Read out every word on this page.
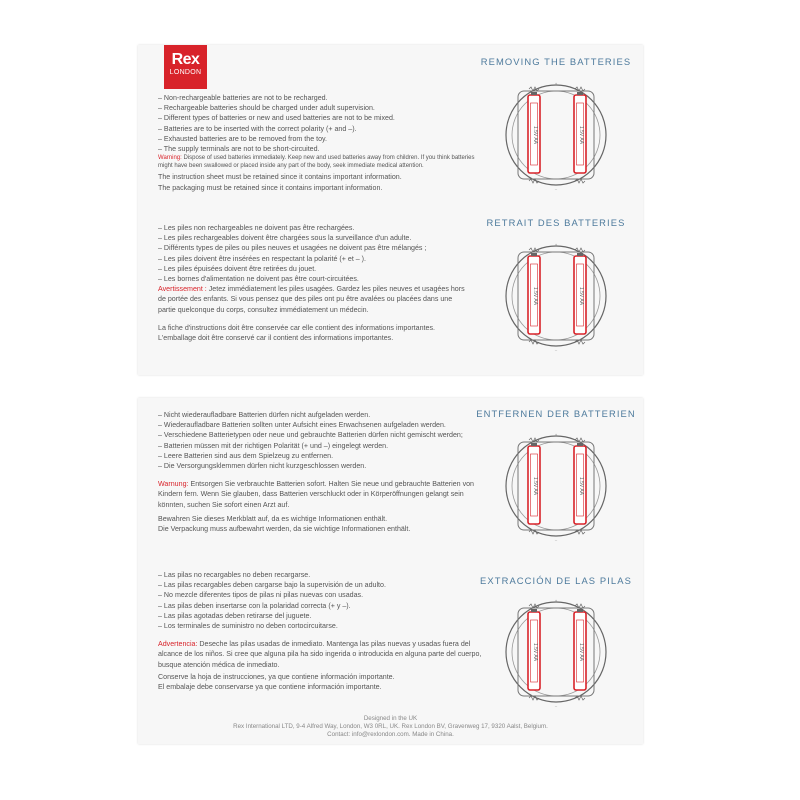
Rex
LONDON

– Non-rechargeable batteries are not to be recharged.

– Rechargeable batteries should be charged under adult supervision.

– Different types of batteries or new and used batteries are not to be mixed.

– Batteries are to be inserted with the correct polarity (+ and –).

– Exhausted batteries are to be removed from the toy.

– The supply terminals are not to be short-circuited.

Warning: Dispose of used batteries immediately. Keep new and used batteries away from children. If you think batteries might have been swallowed or placed inside any part of the body, seek immediate medical attention.

The instruction sheet must be retained since it contains important information.

The packaging must be retained since it contains important information.

– Les piles non rechargeables ne doivent pas être rechargées.

– Les piles rechargeables doivent être chargées sous la surveillance d'un adulte.

– Différents types de piles ou piles neuves et usagées ne doivent pas être mélangés ;

– Les piles doivent être insérées en respectant la polarité (+ et – ).

– Les piles épuisées doivent être retirées du jouet.

– Les bornes d'alimentation ne doivent pas être court-circuitées.

Avertissement : Jetez immédiatement les piles usagées. Gardez les piles neuves et usagées hors de portée des enfants. Si vous pensez que des piles ont pu être avalées ou placées dans une partie quelconque du corps, consultez immédiatement un médecin.

La fiche d'instructions doit être conservée car elle contient des informations importantes.

L'emballage doit être conservé car il contient des informations importantes.

REMOVING THE BATTERIES
RETRAIT DES BATTERIES
1.5V AA	1.5V AA
+
–
1.5V AA	1.5V AA
+
–

– Nicht wiederaufladbare Batterien dürfen nicht aufgeladen werden.

– Wiederaufladbare Batterien sollten unter Aufsicht eines Erwachsenen aufgeladen werden.

– Verschiedene Batterietypen oder neue und gebrauchte Batterien dürfen nicht gemischt werden;

– Batterien müssen mit der richtigen Polarität (+ und –) eingelegt werden.

– Leere Batterien sind aus dem Spielzeug zu entfernen.

– Die Versorgungsklemmen dürfen nicht kurzgeschlossen werden.

Warnung: Entsorgen Sie verbrauchte Batterien sofort. Halten Sie neue und gebrauchte Batterien von Kindern fern. Wenn Sie glauben, dass Batterien verschluckt oder in Körperöffnungen gelangt sein könnten, suchen Sie sofort einen Arzt auf.

Bewahren Sie dieses Merkblatt auf, da es wichtige Informationen enthält.

Die Verpackung muss aufbewahrt werden, da sie wichtige Informationen enthält.

– Las pilas no recargables no deben recargarse.

– Las pilas recargables deben cargarse bajo la supervisión de un adulto.

– No mezcle diferentes tipos de pilas ni pilas nuevas con usadas.

– Las pilas deben insertarse con la polaridad correcta (+ y –).

– Las pilas agotadas deben retirarse del juguete.

– Los terminales de suministro no deben cortocircuitarse.

Advertencia: Deseche las pilas usadas de inmediato. Mantenga las pilas nuevas y usadas fuera del alcance de los niños. Si cree que alguna pila ha sido ingerida o introducida en alguna parte del cuerpo, busque atención médica de inmediato.

Conserve la hoja de instrucciones, ya que contiene información importante.

El embalaje debe conservarse ya que contiene información importante.

ENTFERNEN DER BATTERIEN
EXTRACCIÓN DE LAS PILAS
1.5V AA	1.5V AA
+
–
1.5V AA	1.5V AA
+
–
Designed in the UK
Rex International LTD, 9-4 Alfred Way, London, W3 0RL, UK. Rex London BV, Gravenweg 17, 9320 Aalst, Belgium.
Contact: info@rexlondon.com. Made in China.
